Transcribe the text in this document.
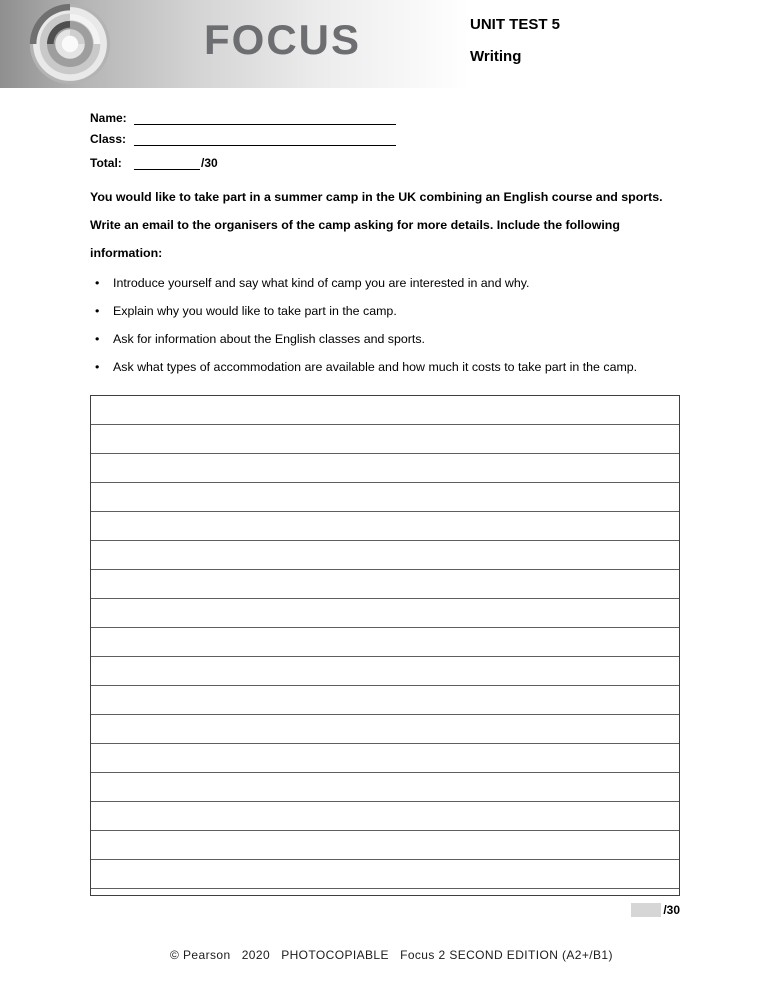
FOCUS	UNIT TEST 5
Writing
Name:
Class:
Total:	/30

You would like to take part in a summer camp in the UK combining an English course and sports. Write an email to the organisers of the camp asking for more details. Include the following information:

• Introduce yourself and say what kind of camp you are interested in and why.
• Explain why you would like to take part in the camp.
• Ask for information about the English classes and sports.
• Ask what types of accommodation are available and how much it costs to take part in the camp.
/30

© Pearson   2020   PHOTOCOPIABLE   Focus 2 SECOND EDITION (A2+/B1)
